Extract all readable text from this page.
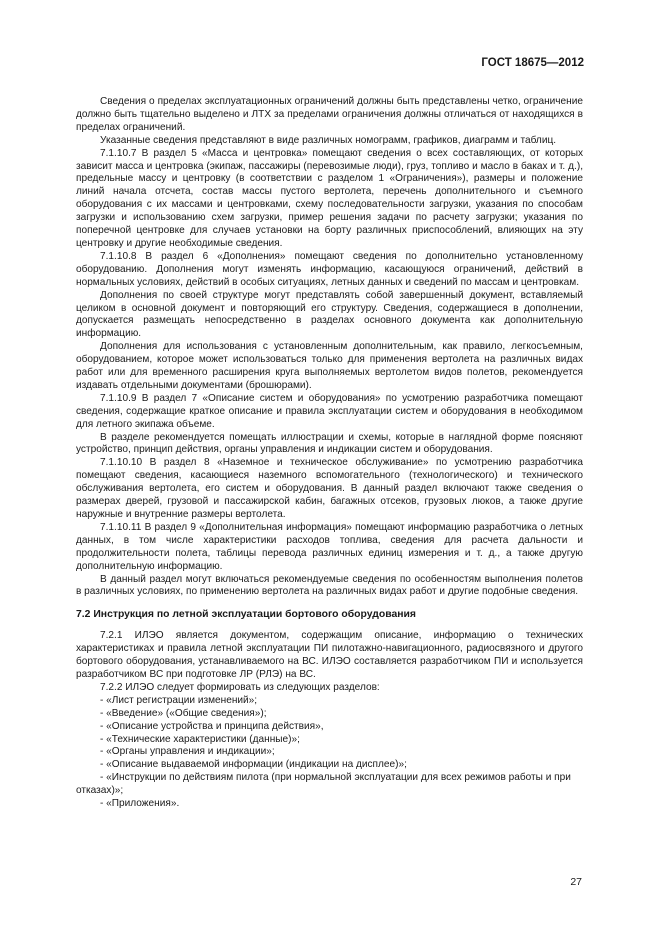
ГОСТ 18675—2012

Сведения о пределах эксплуатационных ограничений должны быть представлены четко, ограничение должно быть тщательно выделено и ЛТХ за пределами ограничения должны отличаться от находящихся в пределах ограничений.

Указанные сведения представляют в виде различных номограмм, графиков, диаграмм и таблиц.

7.1.10.7 В раздел 5 «Масса и центровка» помещают сведения о всех составляющих, от которых зависит масса и центровка (экипаж, пассажиры (перевозимые люди), груз, топливо и масло в баках и т. д.), предельные массу и центровку (в соответствии с разделом 1 «Ограничения»), размеры и положение линий начала отсчета, состав массы пустого вертолета, перечень дополнительного и съемного оборудования с их массами и центровками, схему последовательности загрузки, указания по способам загрузки и использованию схем загрузки, пример решения задачи по расчету загрузки; указания по поперечной центровке для случаев установки на борту различных приспособлений, влияющих на эту центровку и другие необходимые сведения.

7.1.10.8 В раздел 6 «Дополнения» помещают сведения по дополнительно установленному оборудованию. Дополнения могут изменять информацию, касающуюся ограничений, действий в нормальных условиях, действий в особых ситуациях, летных данных и сведений по массам и центровкам.

Дополнения по своей структуре могут представлять собой завершенный документ, вставляемый целиком в основной документ и повторяющий его структуру. Сведения, содержащиеся в дополнении, допускается размещать непосредственно в разделах основного документа как дополнительную информацию.

Дополнения для использования с установленным дополнительным, как правило, легкосъемным, оборудованием, которое может использоваться только для применения вертолета на различных видах работ или для временного расширения круга выполняемых вертолетом видов полетов, рекомендуется издавать отдельными документами (брошюрами).

7.1.10.9 В раздел 7 «Описание систем и оборудования» по усмотрению разработчика помещают сведения, содержащие краткое описание и правила эксплуатации систем и оборудования в необходимом для летного экипажа объеме.

В разделе рекомендуется помещать иллюстрации и схемы, которые в наглядной форме поясняют устройство, принцип действия, органы управления и индикации систем и оборудования.

7.1.10.10 В раздел 8 «Наземное и техническое обслуживание» по усмотрению разработчика помещают сведения, касающиеся наземного вспомогательного (технологического) и технического обслуживания вертолета, его систем и оборудования. В данный раздел включают также сведения о размерах дверей, грузовой и пассажирской кабин, багажных отсеков, грузовых люков, а также другие наружные и внутренние размеры вертолета.

7.1.10.11 В раздел 9 «Дополнительная информация» помещают информацию разработчика о летных данных, в том числе характеристики расходов топлива, сведения для расчета дальности и продолжительности полета, таблицы перевода различных единиц измерения и т. д., а также другую дополнительную информацию.

В данный раздел могут включаться рекомендуемые сведения по особенностям выполнения полетов в различных условиях, по применению вертолета на различных видах работ и другие подобные сведения.

7.2 Инструкция по летной эксплуатации бортового оборудования

7.2.1 ИЛЭО является документом, содержащим описание, информацию о технических характеристиках и правила летной эксплуатации ПИ пилотажно-навигационного, радиосвязного и другого бортового оборудования, устанавливаемого на ВС. ИЛЭО составляется разработчиком ПИ и используется разработчиком ВС при подготовке ЛР (РЛЭ) на ВС.

7.2.2 ИЛЭО следует формировать из следующих разделов:

- «Лист регистрации изменений»;

- «Введение» («Общие сведения»);

- «Описание устройства и принципа действия»,

- «Технические характеристики (данные)»;

- «Органы управления и индикации»;

- «Описание выдаваемой информации (индикации на дисплее)»;

- «Инструкции по действиям пилота (при нормальной эксплуатации для всех режимов работы и при отказах)»;

- «Приложения».

27
